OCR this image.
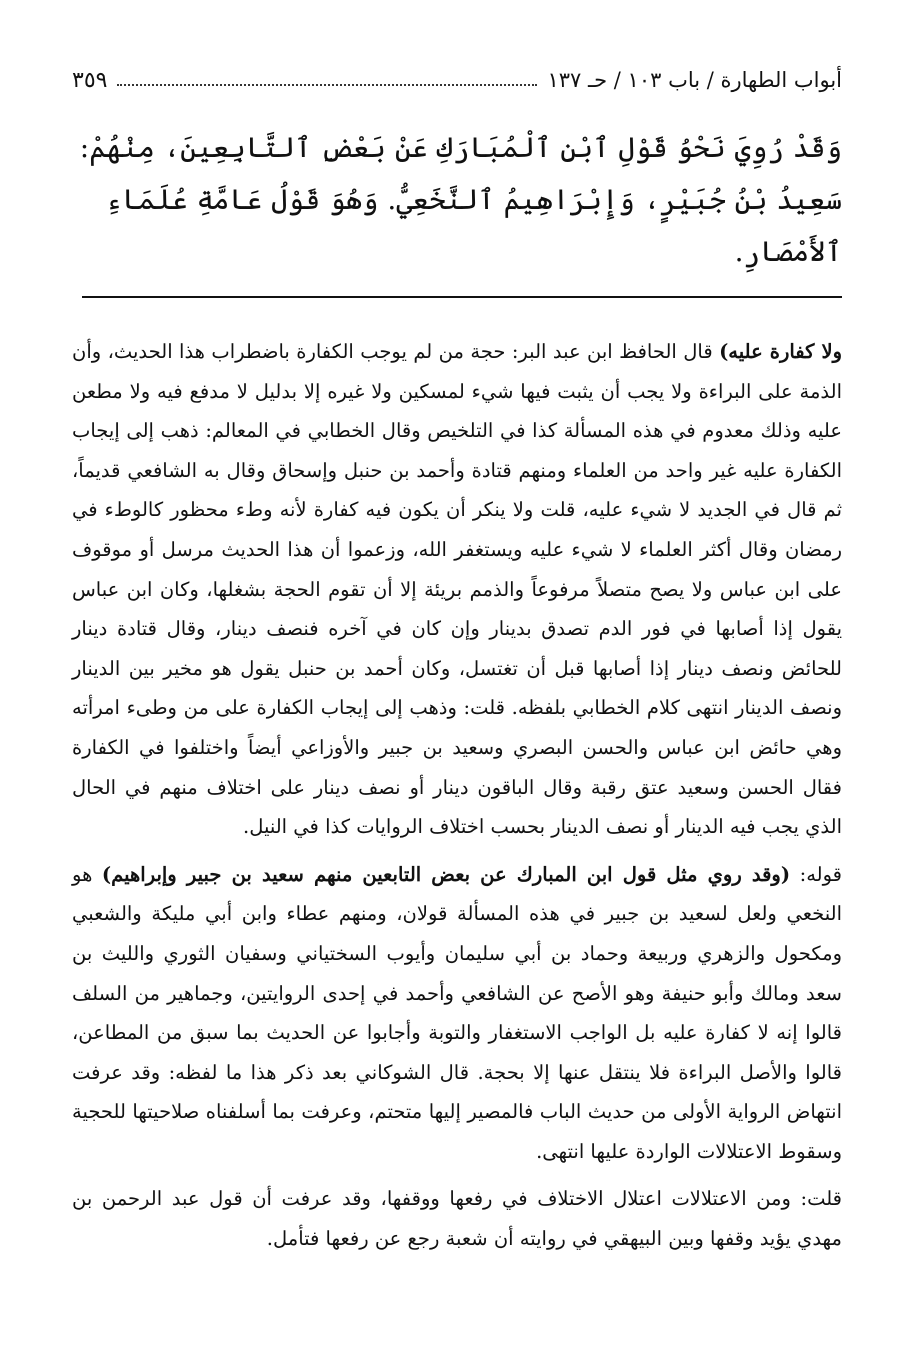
أبواب الطهارة / باب ١٠٣ / حـ ١٣٧
٣٥٩

وَقَدْ رُوِيَ نَحْوُ قَوْلِ ٱبْنِ ٱلْمُبَارَكِ عَنْ بَعْضِ ٱلتَّابِعِينَ، مِنْهُمْ: سَعِيدُ بْنُ جُبَيْرٍ، وَإِبْرَاهِيمُ ٱلنَّخَعِيُّ. وَهُوَ قَوْلُ عَامَّةِ عُلَمَاءِ ٱلأَمْصَارِ.

ولا كفارة عليه) قال الحافظ ابن عبد البر: حجة من لم يوجب الكفارة باضطراب هذا الحديث، وأن الذمة على البراءة ولا يجب أن يثبت فيها شيء لمسكين ولا غيره إلا بدليل لا مدفع فيه ولا مطعن عليه وذلك معدوم في هذه المسألة كذا في التلخيص وقال الخطابي في المعالم: ذهب إلى إيجاب الكفارة عليه غير واحد من العلماء ومنهم قتادة وأحمد بن حنبل وإسحاق وقال به الشافعي قديماً، ثم قال في الجديد لا شيء عليه، قلت ولا ينكر أن يكون فيه كفارة لأنه وطء محظور كالوطء في رمضان وقال أكثر العلماء لا شيء عليه ويستغفر الله، وزعموا أن هذا الحديث مرسل أو موقوف على ابن عباس ولا يصح متصلاً مرفوعاً والذمم بريئة إلا أن تقوم الحجة بشغلها، وكان ابن عباس يقول إذا أصابها في فور الدم تصدق بدينار وإن كان في آخره فنصف دينار، وقال قتادة دينار للحائض ونصف دينار إذا أصابها قبل أن تغتسل، وكان أحمد بن حنبل يقول هو مخير بين الدينار ونصف الدينار انتهى كلام الخطابي بلفظه. قلت: وذهب إلى إيجاب الكفارة على من وطىء امرأته وهي حائض ابن عباس والحسن البصري وسعيد بن جبير والأوزاعي أيضاً واختلفوا في الكفارة فقال الحسن وسعيد عتق رقبة وقال الباقون دينار أو نصف دينار على اختلاف منهم في الحال الذي يجب فيه الدينار أو نصف الدينار بحسب اختلاف الروايات كذا في النيل.

قوله: (وقد روي مثل قول ابن المبارك عن بعض التابعين منهم سعيد بن جبير وإبراهيم) هو النخعي ولعل لسعيد بن جبير في هذه المسألة قولان، ومنهم عطاء وابن أبي مليكة والشعبي ومكحول والزهري وربيعة وحماد بن أبي سليمان وأيوب السختياني وسفيان الثوري والليث بن سعد ومالك وأبو حنيفة وهو الأصح عن الشافعي وأحمد في إحدى الروايتين، وجماهير من السلف قالوا إنه لا كفارة عليه بل الواجب الاستغفار والتوبة وأجابوا عن الحديث بما سبق من المطاعن، قالوا والأصل البراءة فلا ينتقل عنها إلا بحجة. قال الشوكاني بعد ذكر هذا ما لفظه: وقد عرفت انتهاض الرواية الأولى من حديث الباب فالمصير إليها متحتم، وعرفت بما أسلفناه صلاحيتها للحجية وسقوط الاعتلالات الواردة عليها انتهى.

قلت: ومن الاعتلالات اعتلال الاختلاف في رفعها ووقفها، وقد عرفت أن قول عبد الرحمن بن مهدي يؤيد وقفها وبين البيهقي في روايته أن شعبة رجع عن رفعها فتأمل.
